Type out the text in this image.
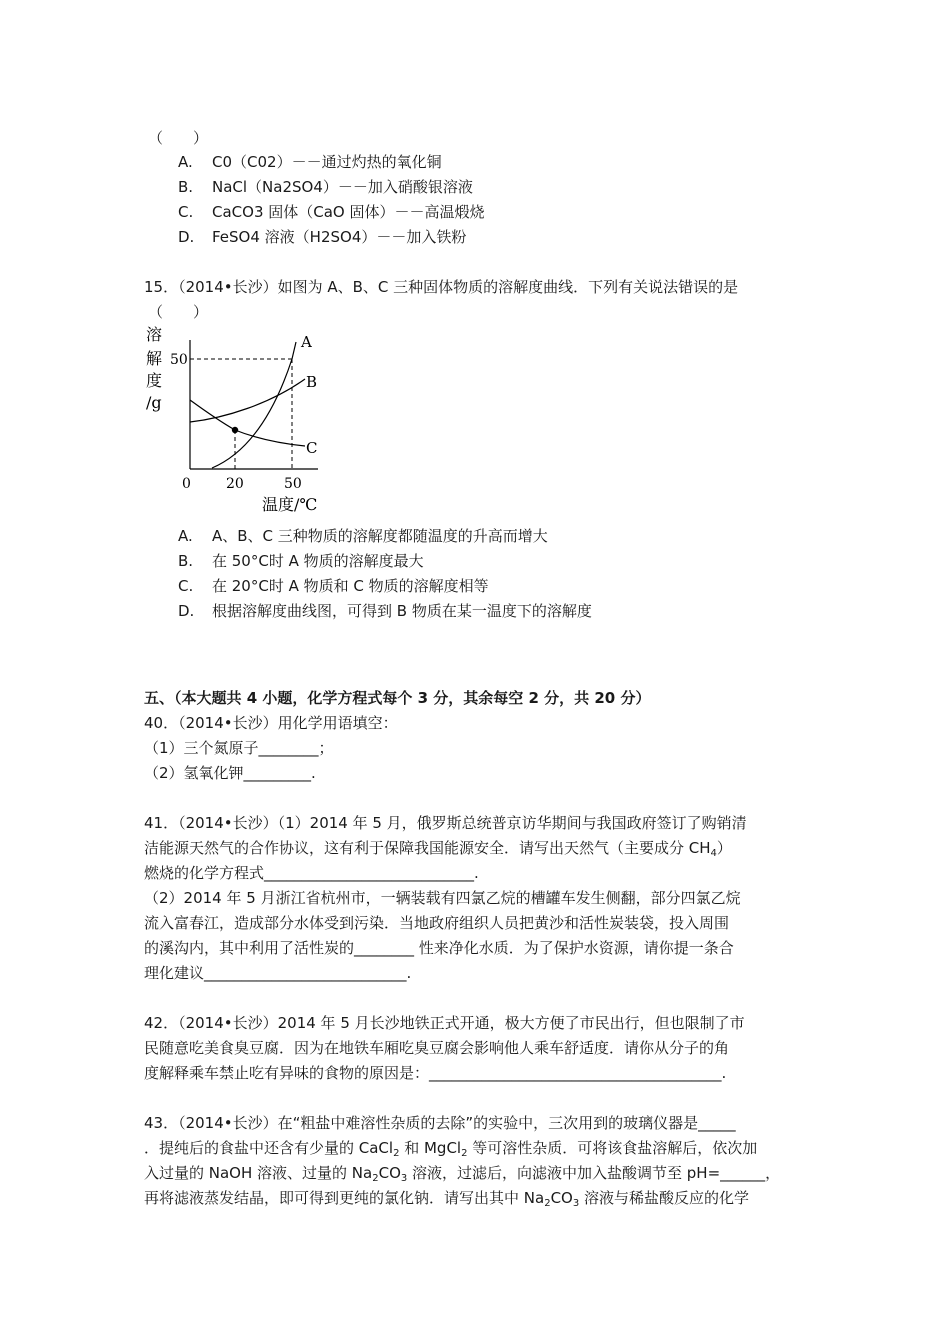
（　　）
A. C0（C02）－－通过灼热的氧化铜
B. NaCl（Na2SO4）－－加入硝酸银溶液
C. CaCO3 固体（CaO 固体）－－高温煅烧
D. FeSO4 溶液（H2SO4）－－加入铁粉
15．（2014•长沙）如图为 A、B、C 三种固体物质的溶解度曲线．下列有关说法错误的是
（　　）
溶
解
度
/g
50
A
B
C
0	20	50
温度/℃
A. A、B、C 三种物质的溶解度都随温度的升高而增大
B. 在 50°C时 A 物质的溶解度最大
C. 在 20°C时 A 物质和 C 物质的溶解度相等
D. 根据溶解度曲线图，可得到 B 物质在某一温度下的溶解度
五、（本大题共 4 小题，化学方程式每个 3 分，其余每空 2 分，共 20 分）
40．（2014•长沙）用化学用语填空：
（1）三个氮原子________；
（2）氢氧化钾_________.
41．（2014•长沙）（1）2014 年 5 月，俄罗斯总统普京访华期间与我国政府签订了购销清
洁能源天然气的合作协议，这有利于保障我国能源安全．请写出天然气（主要成分 $CH_4$）
燃烧的化学方程式____________________________.
（2）2014 年 5 月浙江省杭州市，一辆装载有四氯乙烷的槽罐车发生侧翻，部分四氯乙烷
流入富春江，造成部分水体受到污染．当地政府组织人员把黄沙和活性炭装袋，投入周围
的溪沟内，其中利用了活性炭的________ 性来净化水质．为了保护水资源，请你提一条合
理化建议___________________________.
42．（2014•长沙）2014 年 5 月长沙地铁正式开通，极大方便了市民出行，但也限制了市
民随意吃美食臭豆腐．因为在地铁车厢吃臭豆腐会影响他人乘车舒适度．请你从分子的角
度解释乘车禁止吃有异味的食物的原因是：_______________________________________.
43．（2014•长沙）在“粗盐中难溶性杂质的去除”的实验中，三次用到的玻璃仪器是_____
．提纯后的食盐中还含有少量的 CaCl$_2$ 和 MgCl$_2$ 等可溶性杂质．可将该食盐溶解后，依次加
入过量的 NaOH 溶液、过量的 $Na_2CO_3$ 溶液，过滤后，向滤液中加入盐酸调节至 pH=______，
再将滤液蒸发结晶，即可得到更纯的氯化钠．请写出其中 $Na_2CO_3$ 溶液与稀盐酸反应的化学
